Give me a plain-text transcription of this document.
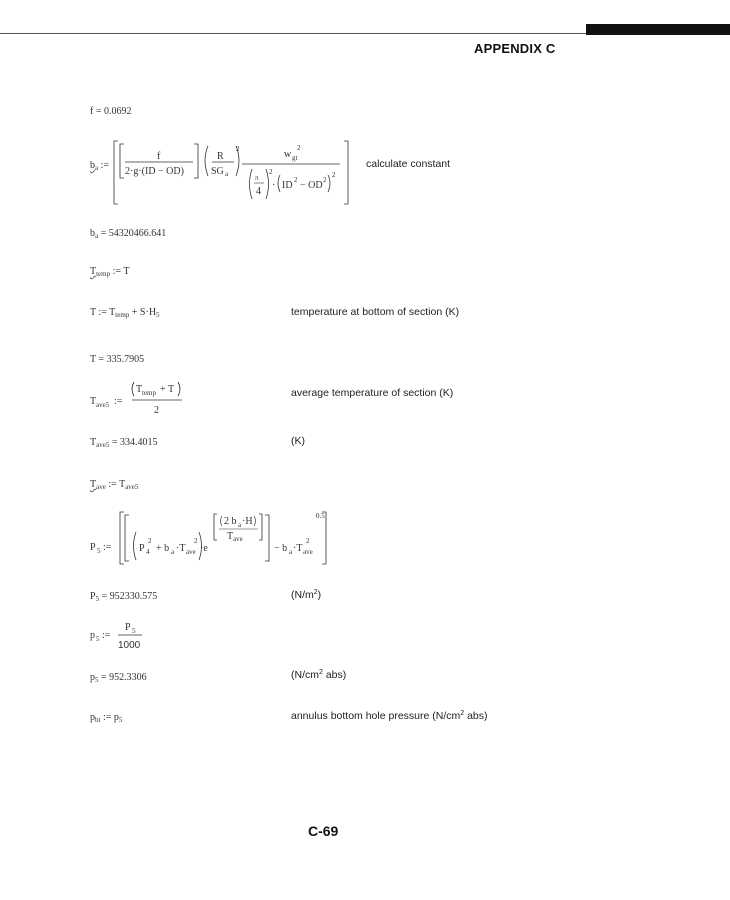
APPENDIX C
f = 0.0692
$b_a$ :=
f
2·g·(ID − OD)
R
SG a
2	w gt
2
π
4
2
· ID 2 − OD 2
2
calculate constant
$b_a = 54320466.641$
$T_{temp}$ := T
T := $T_{temp} + S\cdot H_5$	temperature at bottom of section (K)
T = 335.7905
T ave5 :=
T temp + T
2
average temperature of section (K)
$T_{ave5} = 334.4015$	(K)
$T_{ave}$ := $T_{ave5}$
P 5 :=	P 4
2
+ b a ·T ave
2
·e
2 b a ·H
T ave
− b a ·T ave
2
0.5
$P_5 = 952330.575$	$(N/m^2)$
p 5 :=
P 5
1000
$p_5 = 952.3306$	($N/cm^2$ abs)
$p_{bt}$ := $p_5$	annulus bottom hole pressure ($N/cm^2$ abs)
C-69
